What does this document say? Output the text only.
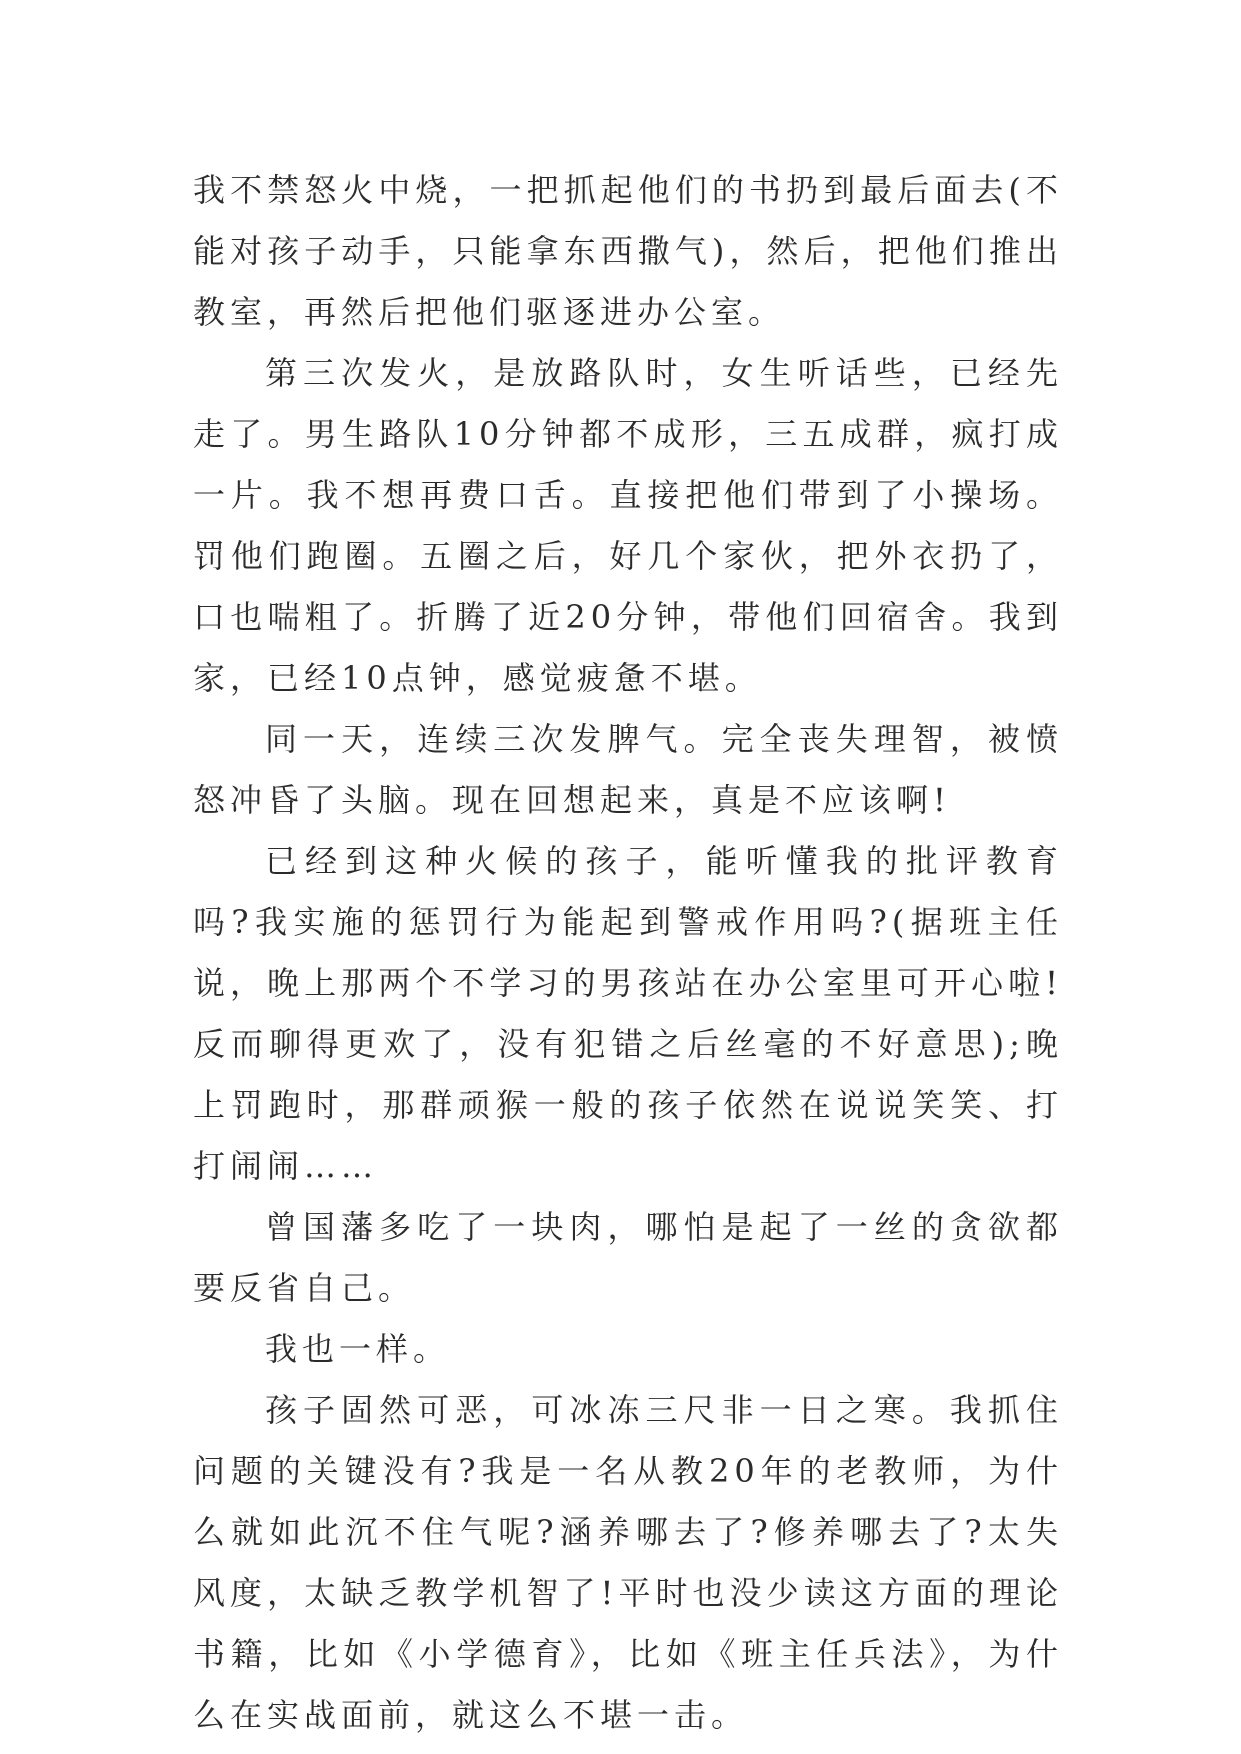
我不禁怒火中烧，一把抓起他们的书扔到最后面去(不能对孩子动手，只能拿东西撒气)，然后，把他们推出教室，再然后把他们驱逐进办公室。

第三次发火，是放路队时，女生听话些，已经先走了。男生路队10分钟都不成形，三五成群，疯打成一片。我不想再费口舌。直接把他们带到了小操场。罚他们跑圈。五圈之后，好几个家伙，把外衣扔了，口也喘粗了。折腾了近20分钟，带他们回宿舍。我到家，已经10点钟，感觉疲惫不堪。

同一天，连续三次发脾气。完全丧失理智，被愤怒冲昏了头脑。现在回想起来，真是不应该啊!

已经到这种火候的孩子，能听懂我的批评教育吗?我实施的惩罚行为能起到警戒作用吗?(据班主任说，晚上那两个不学习的男孩站在办公室里可开心啦!反而聊得更欢了，没有犯错之后丝毫的不好意思);晚上罚跑时，那群顽猴一般的孩子依然在说说笑笑、打打闹闹……

曾国藩多吃了一块肉，哪怕是起了一丝的贪欲都要反省自己。

我也一样。

孩子固然可恶，可冰冻三尺非一日之寒。我抓住问题的关键没有?我是一名从教20年的老教师，为什么就如此沉不住气呢?涵养哪去了?修养哪去了?太失风度，太缺乏教学机智了!平时也没少读这方面的理论书籍，比如《小学德育》，比如《班主任兵法》，为什么在实战面前，就这么不堪一击。
